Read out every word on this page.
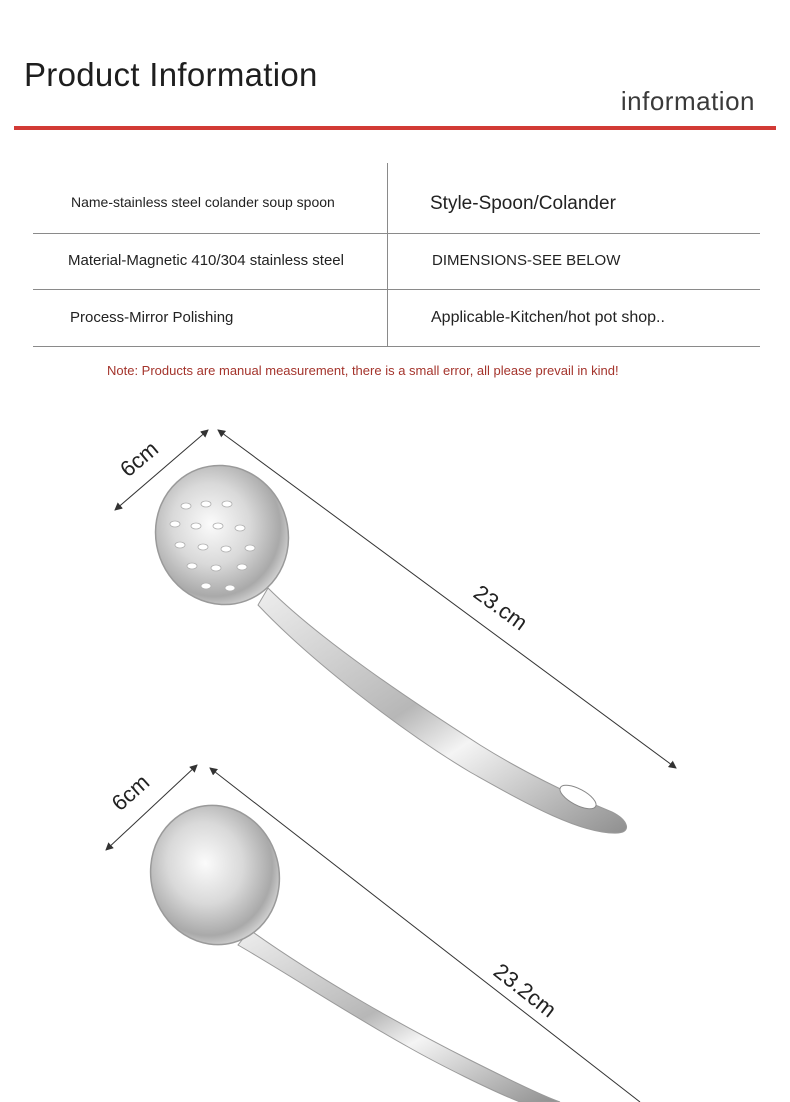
Product Information
information
Name-stainless steel colander soup spoon	Style-Spoon/Colander
Material-Magnetic 410/304 stainless steel	DIMENSIONS-SEE BELOW
Process-Mirror Polishing	Applicable-Kitchen/hot pot shop..
Note: Products are manual measurement, there is a small error, all please prevail in kind!
6cm
23.cm
6cm
23.2cm
